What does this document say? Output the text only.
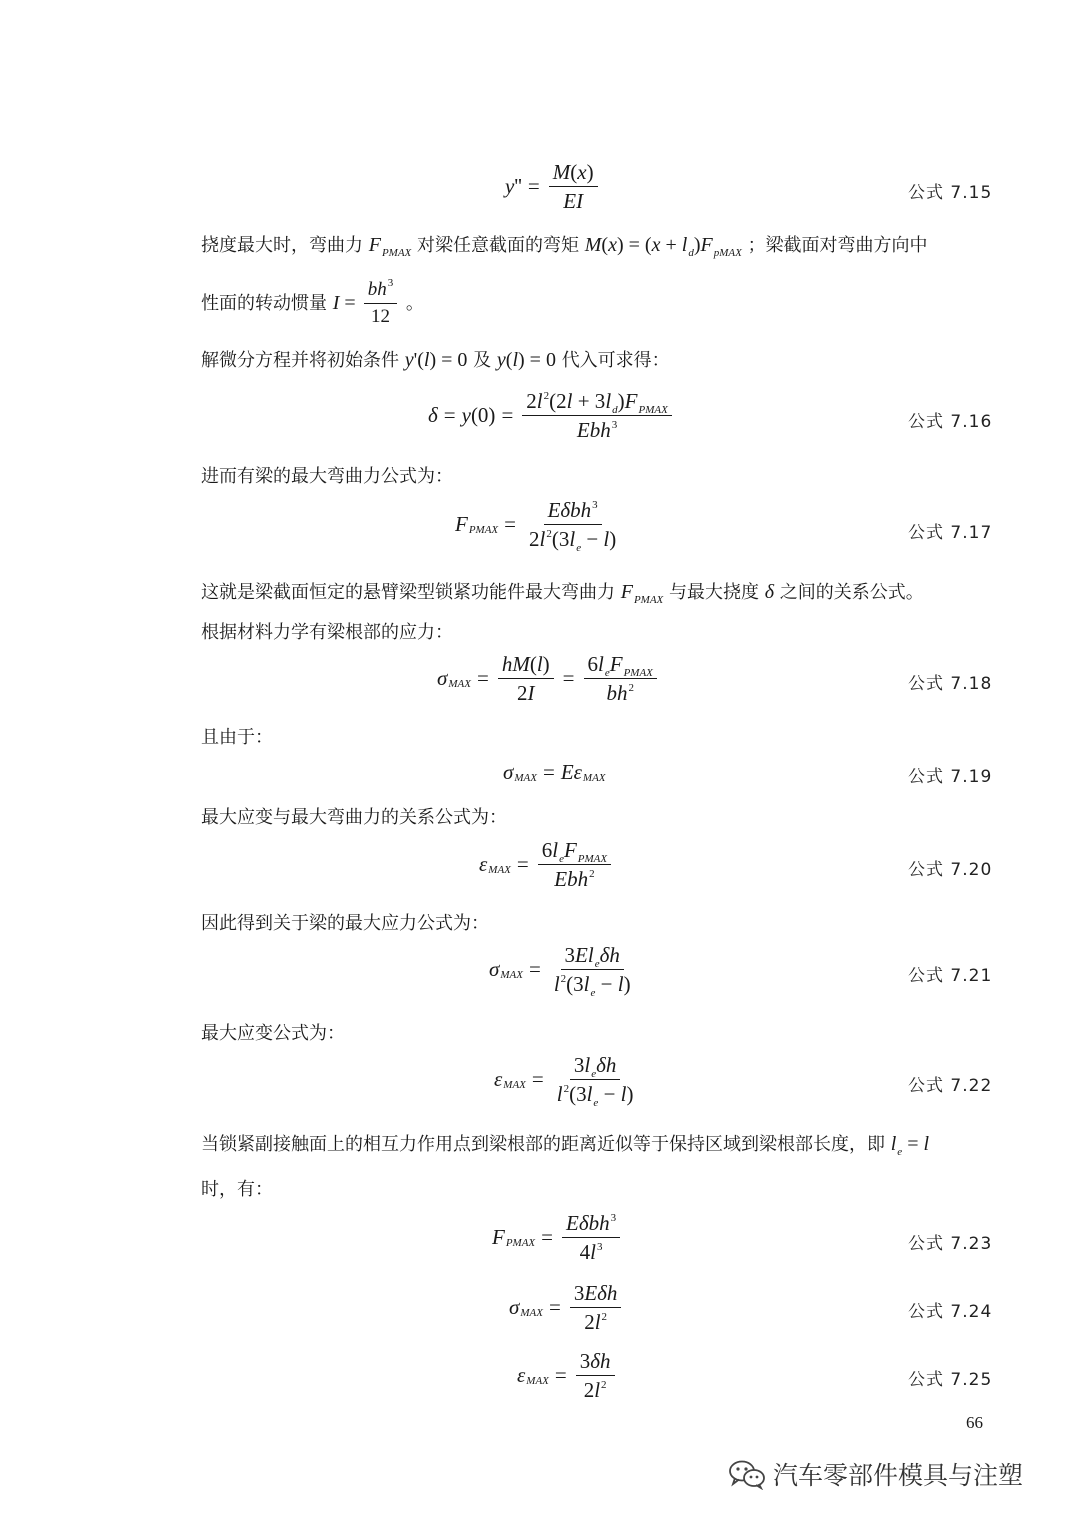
y '' = $\frac{M(x)}{EI}$	公式 7.15
挠度最大时，弯曲力 $F_{PMAX}$ 对梁任意截面的弯矩 $M(x) = (x + l_d)F_{pMAX}$ ；梁截面对弯曲方向中
性面的转动惯量 $I = \frac{bh^3}{12}$ 。
解微分方程并将初始条件 y'(l) = 0 及 y(l) = 0 代入可求得：
δ = y $(0) = \frac{2l^2(2l + 3l_d)F_{PMAX}}{Ebh^3}$	公式 7.16
进而有梁的最大弯曲力公式为：
F PMAX = $\frac{E\delta bh^3}{2l^2(3l_e - l)}$	公式 7.17
这就是梁截面恒定的悬臂梁型锁紧功能件最大弯曲力 $F_{PMAX}$ 与最大挠度 δ 之间的关系公式。
根据材料力学有梁根部的应力：
σ MAX = $\frac{hM(l)}{2I} = \frac{6l_eF_{PMAX}}{bh^2}$	公式 7.18
且由于：
σ MAX = Eε MAX	公式 7.19
最大应变与最大弯曲力的关系公式为：
ε MAX = $\frac{6l_eF_{PMAX}}{Ebh^2}$	公式 7.20
因此得到关于梁的最大应力公式为：
σ MAX = $\frac{3El_e\delta h}{l^2(3l_e - l)}$	公式 7.21
最大应变公式为：
ε MAX = $\frac{3l_e\delta h}{l^2(3l_e - l)}$	公式 7.22
当锁紧副接触面上的相互力作用点到梁根部的距离近似等于保持区域到梁根部长度，即 $l_e = l$
时，有：
F PMAX = $\frac{E\delta bh^3}{4l^3}$	公式 7.23
σ MAX = $\frac{\text{3Eδh}}{2l^2}$	公式 7.24
ε MAX = $\frac{3\delta h}{2l^2}$	公式 7.25
66
汽车零部件模具与注塑
